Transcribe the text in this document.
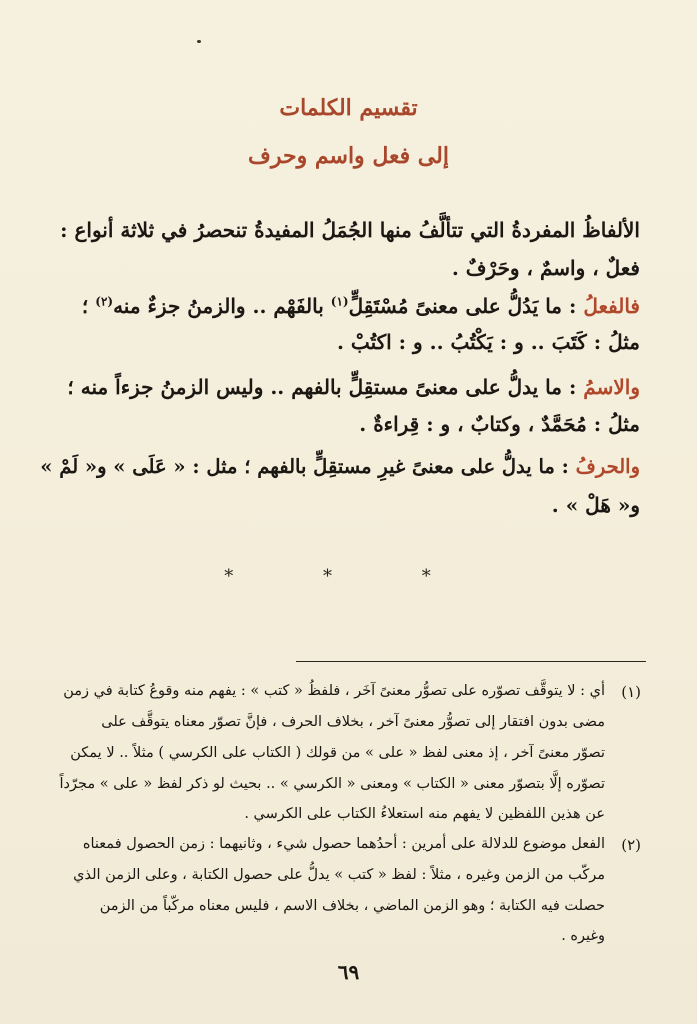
تقسيم الكلمات
إلى فعل واسم وحرف
الألفاظُ المفردةُ التي تتألَّفُ منها الجُمَلُ المفيدةُ تنحصرُ في ثلاثة أنواع :
فعلٌ ، واسمٌ ، وحَرْفٌ .
فالفعلُ : ما يَدُلُّ على معنىً مُسْتَقِلٍّ$^{(١)}$ بالفَهْم .. والزمنُ جزءٌ منه$^{(٢)}$ ؛
مثلُ : كَتَبَ .. و : يَكْتُبُ .. و : اكتُبْ .
والاسمُ : ما يدلُّ على معنىً مستقِلٍّ بالفهم .. وليس الزمنُ جزءاً منه ؛
مثلُ : مُحَمَّدٌ ، وكتابٌ ، و : قِراءةٌ .
والحرفُ : ما يدلُّ على معنىً غيرِ مستقِلٍّ بالفهم ؛ مثل : « عَلَى » و« لَمْ »
و« هَلْ » .
* * *
(١)
أي : لا يتوقَّف تصوّره على تصوُّر معنىً آخَر ، فلفظُ « كتب » : يفهم منه وقوعُ كتابة في زمن
مضى بدون افتقار إلى تصوُّر معنىً آخر ، بخلاف الحرف ، فإنَّ تصوّر معناه يتوقَّف على
تصوّر معنىً آخر ، إذ معنى لفظ « على » من قولك ( الكتاب على الكرسي ) مثلاً .. لا يمكن
تصوّره إلَّا بتصوّر معنى « الكتاب » ومعنى « الكرسي » .. بحيث لو ذكر لفظ « على » مجرّداً
عن هذين اللفظين لا يفهم منه استعلاءُ الكتاب على الكرسي .
(٢)
الفعل موضوع للدلالة على أمرين : أحدُهما حصول شيء ، وثانيهما : زمن الحصول فمعناه
مركّب من الزمن وغيره ، مثلاً : لفظ « كتب » يدلُّ على حصول الكتابة ، وعلى الزمن الذي
حصلت فيه الكتابة ؛ وهو الزمن الماضي ، بخلاف الاسم ، فليس معناه مركّباً من الزمن
وغيره .
٦٩
